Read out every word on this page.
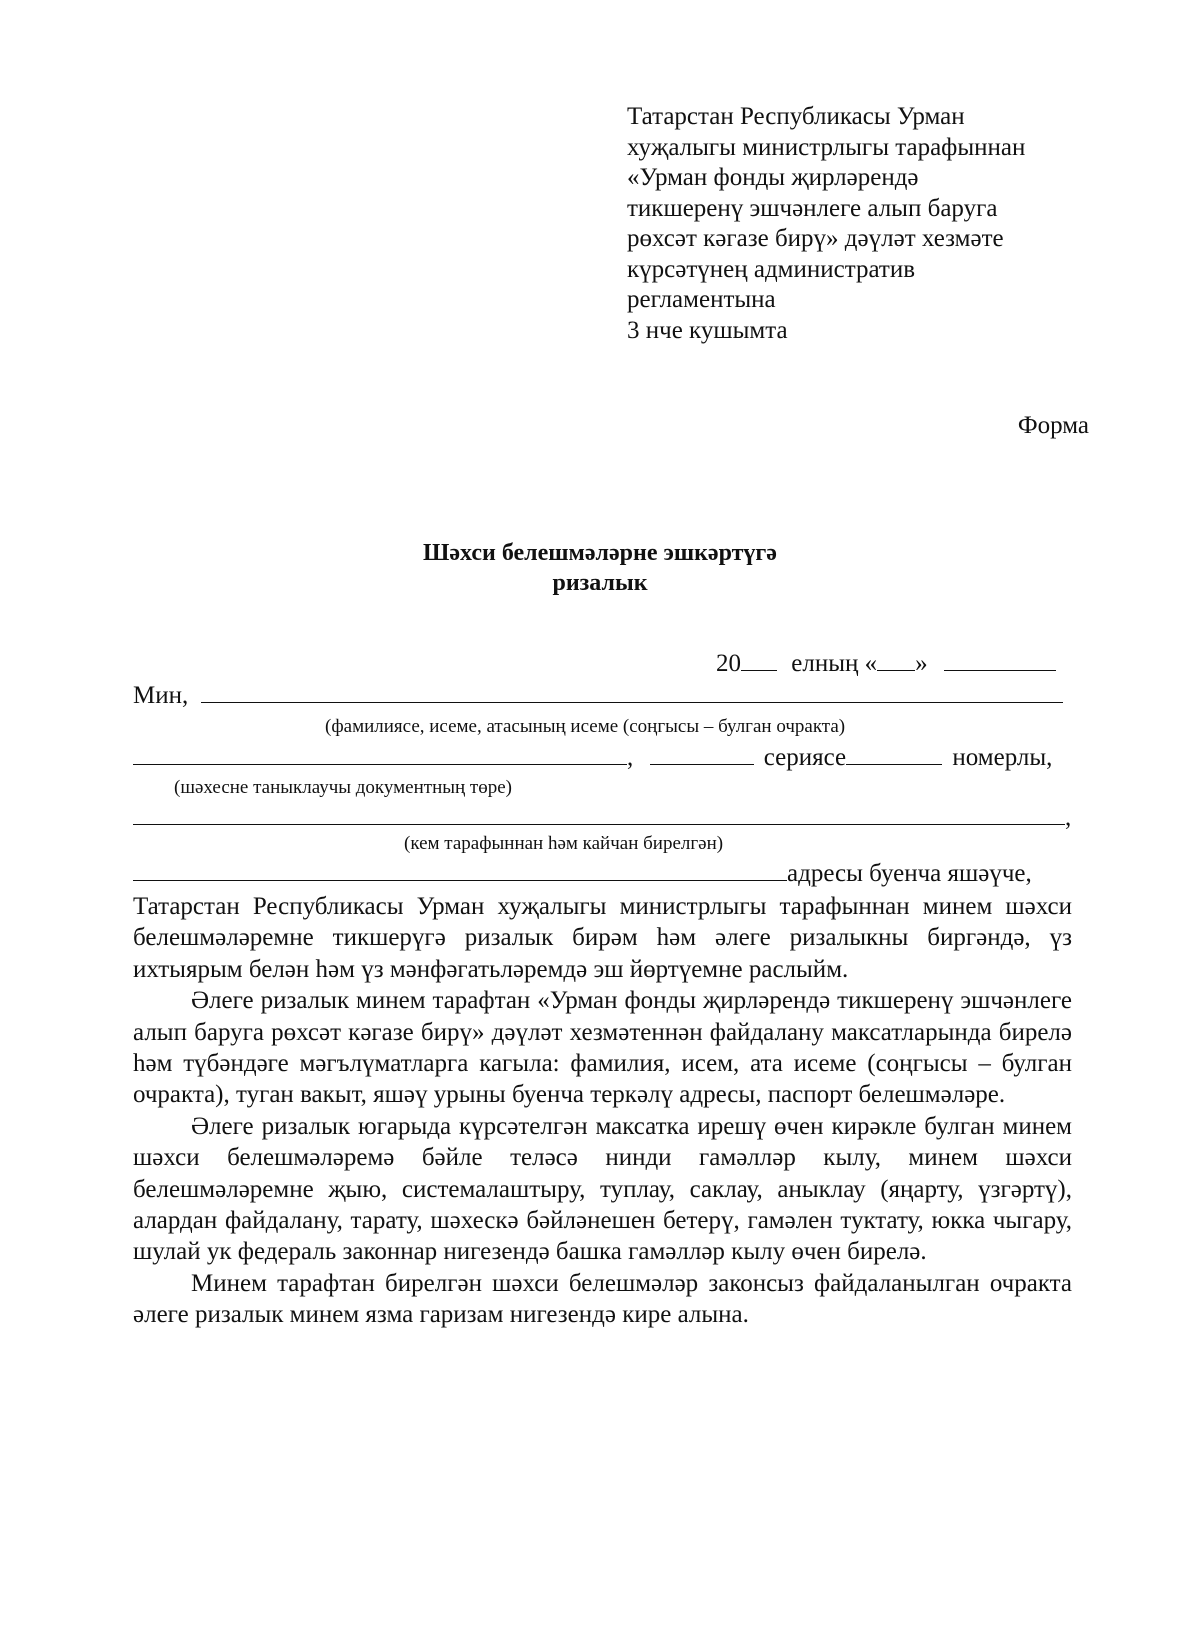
Татарстан Республикасы Урман
хуҗалыгы министрлыгы тарафыннан
«Урман фонды җирләрендә
тикшеренү эшчәнлеге алып баруга
рөхсәт кәгазе бирү» дәүләт хезмәте
күрсәтүнең административ
регламентына
3 нче кушымта
Форма
Шәхси белешмәләрне эшкәртүгә
ризалык
20 елның « »
Мин,
(фамилиясе, исеме, атасының исеме (соңгысы – булган очракта)
,	сериясе	номерлы,
(шәхесне таныклаучы документның төре)
,
(кем тарафыннан һәм кайчан бирелгән)
адресы буенча яшәүче,

Татарстан Республикасы Урман хуҗалыгы министрлыгы тарафыннан минем шәхси белешмәләремне тикшерүгә ризалык бирәм һәм әлеге ризалыкны биргәндә, үз ихтыярым белән һәм үз мәнфәгатьләремдә эш йөртүемне раслыйм.

Әлеге ризалык минем тарафтан «Урман фонды җирләрендә тикшеренү эшчәнлеге алып баруга рөхсәт кәгазе бирү» дәүләт хезмәтеннән файдалану максатларында бирелә һәм түбәндәге мәгълүматларга кагыла: фамилия, исем, ата исеме (соңгысы – булган очракта), туган вакыт, яшәү урыны буенча теркәлү адресы, паспорт белешмәләре.

Әлеге ризалык югарыда күрсәтелгән максатка ирешү өчен кирәкле булган минем шәхси белешмәләремә бәйле теләсә нинди гамәлләр кылу, минем шәхси белешмәләремне җыю, системалаштыру, туплау, саклау, аныклау (яңарту, үзгәртү), алардан файдалану, тарату, шәхескә бәйләнешен бетерү, гамәлен туктату, юкка чыгару, шулай ук федераль законнар нигезендә башка гамәлләр кылу өчен бирелә.

Минем тарафтан бирелгән шәхси белешмәләр законсыз файдаланылган очракта әлеге ризалык минем язма гаризам нигезендә кире алына.
